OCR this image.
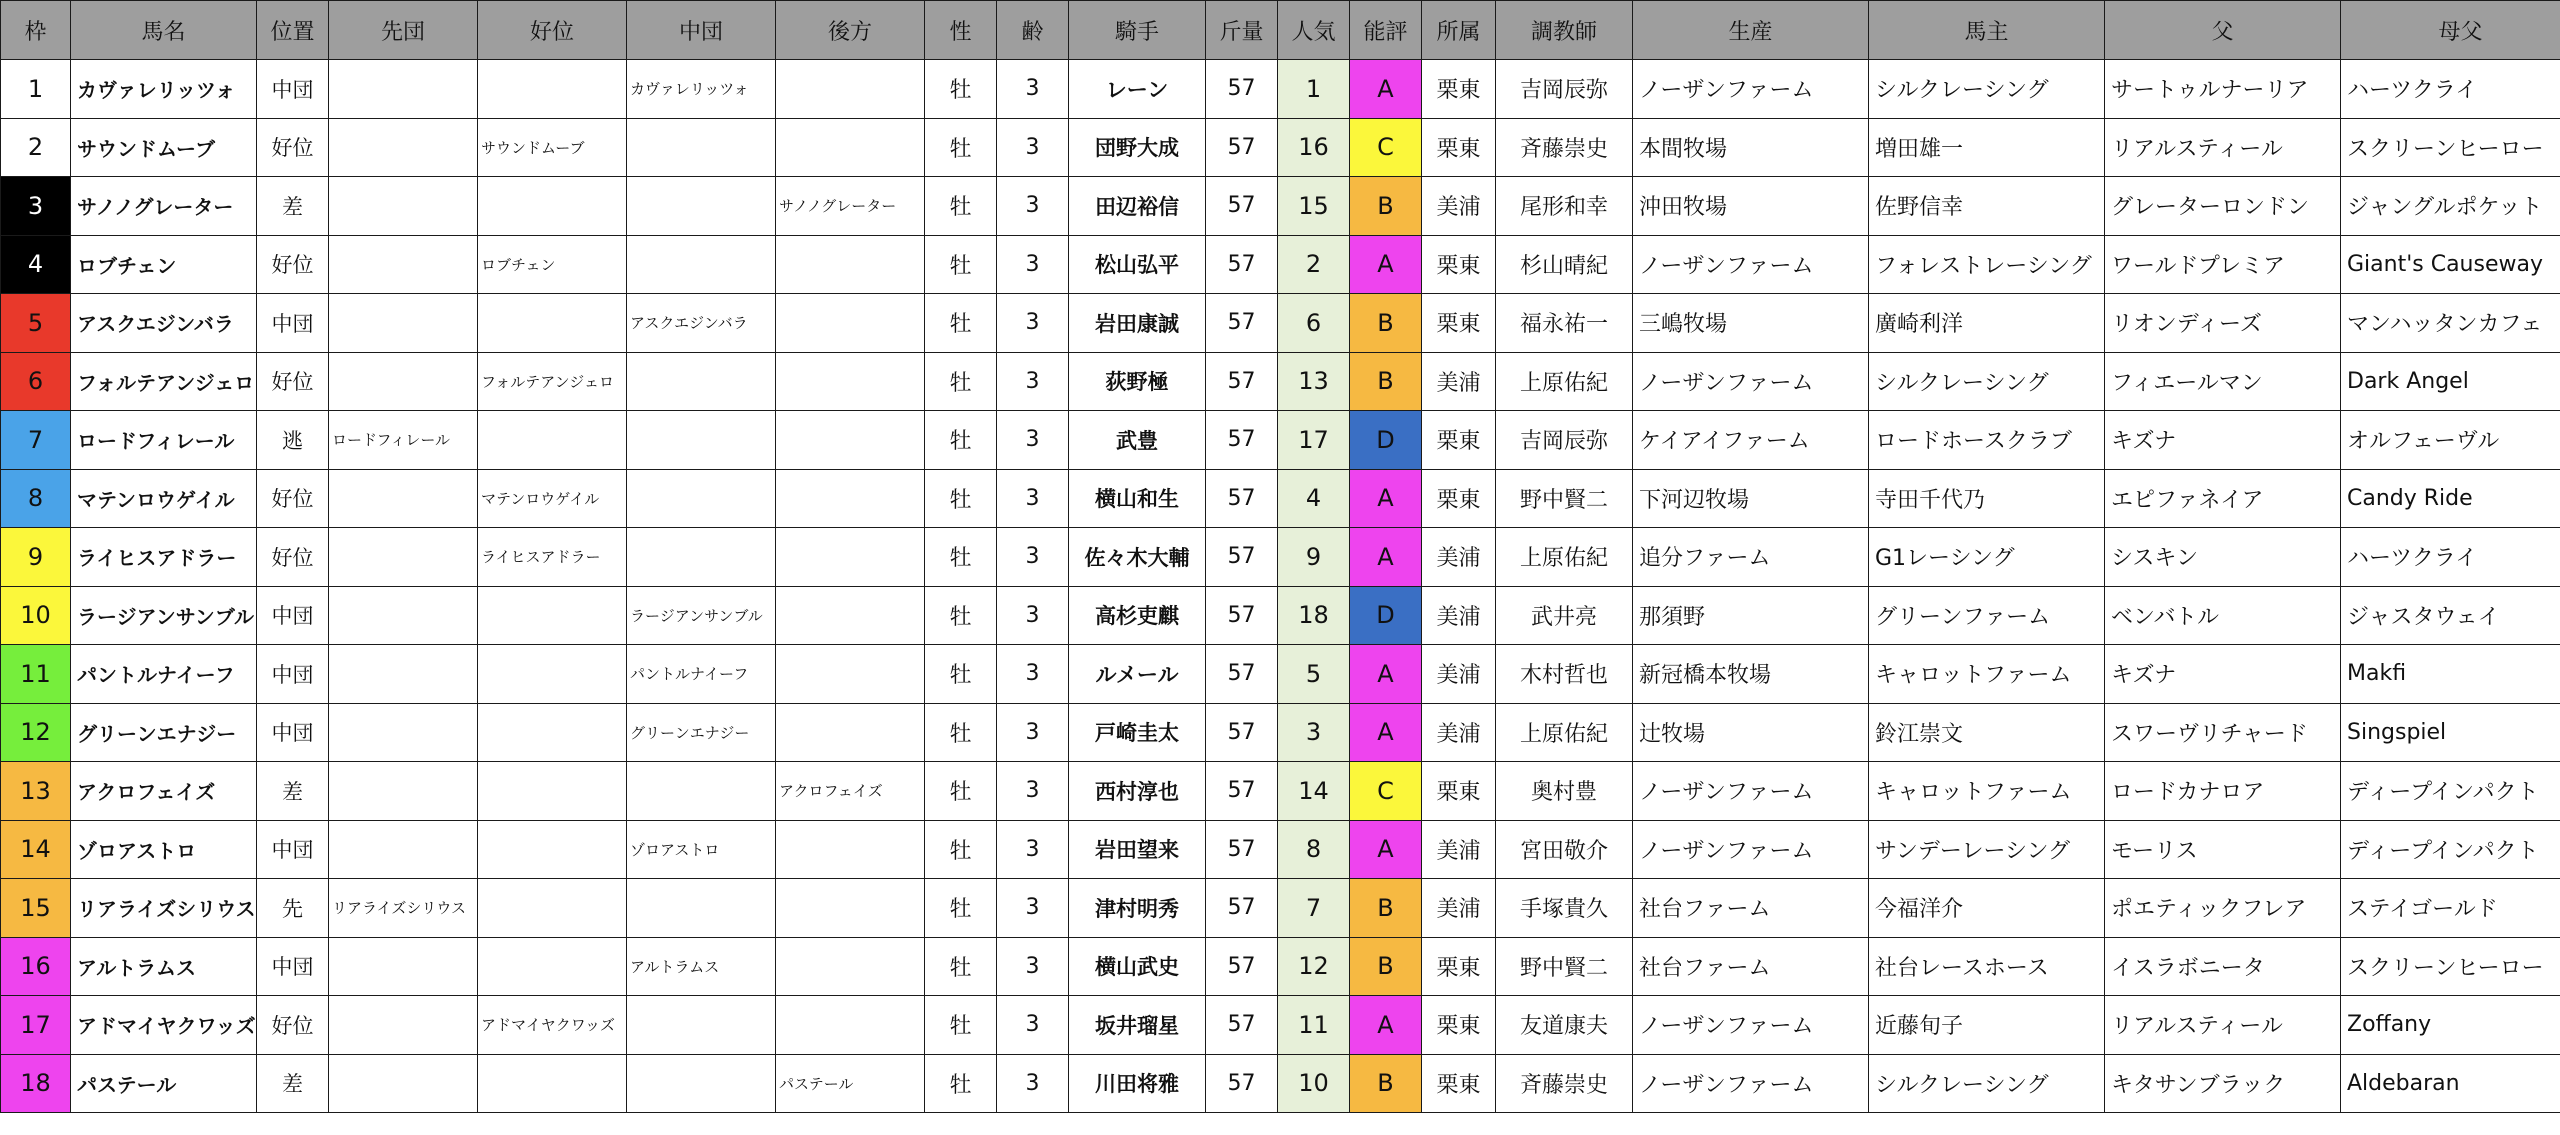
枠	馬名	位置	先団	好位	中団	後方	性	齢	騎手	斤量	人気	能評	所属	調教師	生産	馬主	父	母父
1	カヴァレリッツォ	中団			カヴァレリッツォ		牡	3	レーン	57	1	A	栗東	吉岡辰弥	ノーザンファーム	シルクレーシング	サートゥルナーリア	ハーツクライ
2	サウンドムーブ	好位		サウンドムーブ			牡	3	団野大成	57	16	C	栗東	斉藤崇史	本間牧場	増田雄一	リアルスティール	スクリーンヒーロー
3	サノノグレーター	差				サノノグレーター	牡	3	田辺裕信	57	15	B	美浦	尾形和幸	沖田牧場	佐野信幸	グレーターロンドン	ジャングルポケット
4	ロブチェン	好位		ロブチェン			牡	3	松山弘平	57	2	A	栗東	杉山晴紀	ノーザンファーム	フォレストレーシング	ワールドプレミア	Giant's Causeway
5	アスクエジンバラ	中団			アスクエジンバラ		牡	3	岩田康誠	57	6	B	栗東	福永祐一	三嶋牧場	廣崎利洋	リオンディーズ	マンハッタンカフェ
6	フォルテアンジェロ	好位		フォルテアンジェロ			牡	3	荻野極	57	13	B	美浦	上原佑紀	ノーザンファーム	シルクレーシング	フィエールマン	Dark Angel
7	ロードフィレール	逃	ロードフィレール				牡	3	武豊	57	17	D	栗東	吉岡辰弥	ケイアイファーム	ロードホースクラブ	キズナ	オルフェーヴル
8	マテンロウゲイル	好位		マテンロウゲイル			牡	3	横山和生	57	4	A	栗東	野中賢二	下河辺牧場	寺田千代乃	エピファネイア	Candy Ride
9	ライヒスアドラー	好位		ライヒスアドラー			牡	3	佐々木大輔	57	9	A	美浦	上原佑紀	追分ファーム	G1レーシング	シスキン	ハーツクライ
10	ラージアンサンブル	中団			ラージアンサンブル		牡	3	高杉吏麒	57	18	D	美浦	武井亮	那須野	グリーンファーム	ベンバトル	ジャスタウェイ
11	パントルナイーフ	中団			パントルナイーフ		牡	3	ルメール	57	5	A	美浦	木村哲也	新冠橋本牧場	キャロットファーム	キズナ	Makfi
12	グリーンエナジー	中団			グリーンエナジー		牡	3	戸崎圭太	57	3	A	美浦	上原佑紀	辻牧場	鈴江崇文	スワーヴリチャード	Singspiel
13	アクロフェイズ	差				アクロフェイズ	牡	3	西村淳也	57	14	C	栗東	奥村豊	ノーザンファーム	キャロットファーム	ロードカナロア	ディープインパクト
14	ゾロアストロ	中団			ゾロアストロ		牡	3	岩田望来	57	8	A	美浦	宮田敬介	ノーザンファーム	サンデーレーシング	モーリス	ディープインパクト
15	リアライズシリウス	先	リアライズシリウス				牡	3	津村明秀	57	7	B	美浦	手塚貴久	社台ファーム	今福洋介	ポエティックフレア	ステイゴールド
16	アルトラムス	中団			アルトラムス		牡	3	横山武史	57	12	B	栗東	野中賢二	社台ファーム	社台レースホース	イスラボニータ	スクリーンヒーロー
17	アドマイヤクワッズ	好位		アドマイヤクワッズ			牡	3	坂井瑠星	57	11	A	栗東	友道康夫	ノーザンファーム	近藤旬子	リアルスティール	Zoffany
18	パステール	差				パステール	牡	3	川田将雅	57	10	B	栗東	斉藤崇史	ノーザンファーム	シルクレーシング	キタサンブラック	Aldebaran
